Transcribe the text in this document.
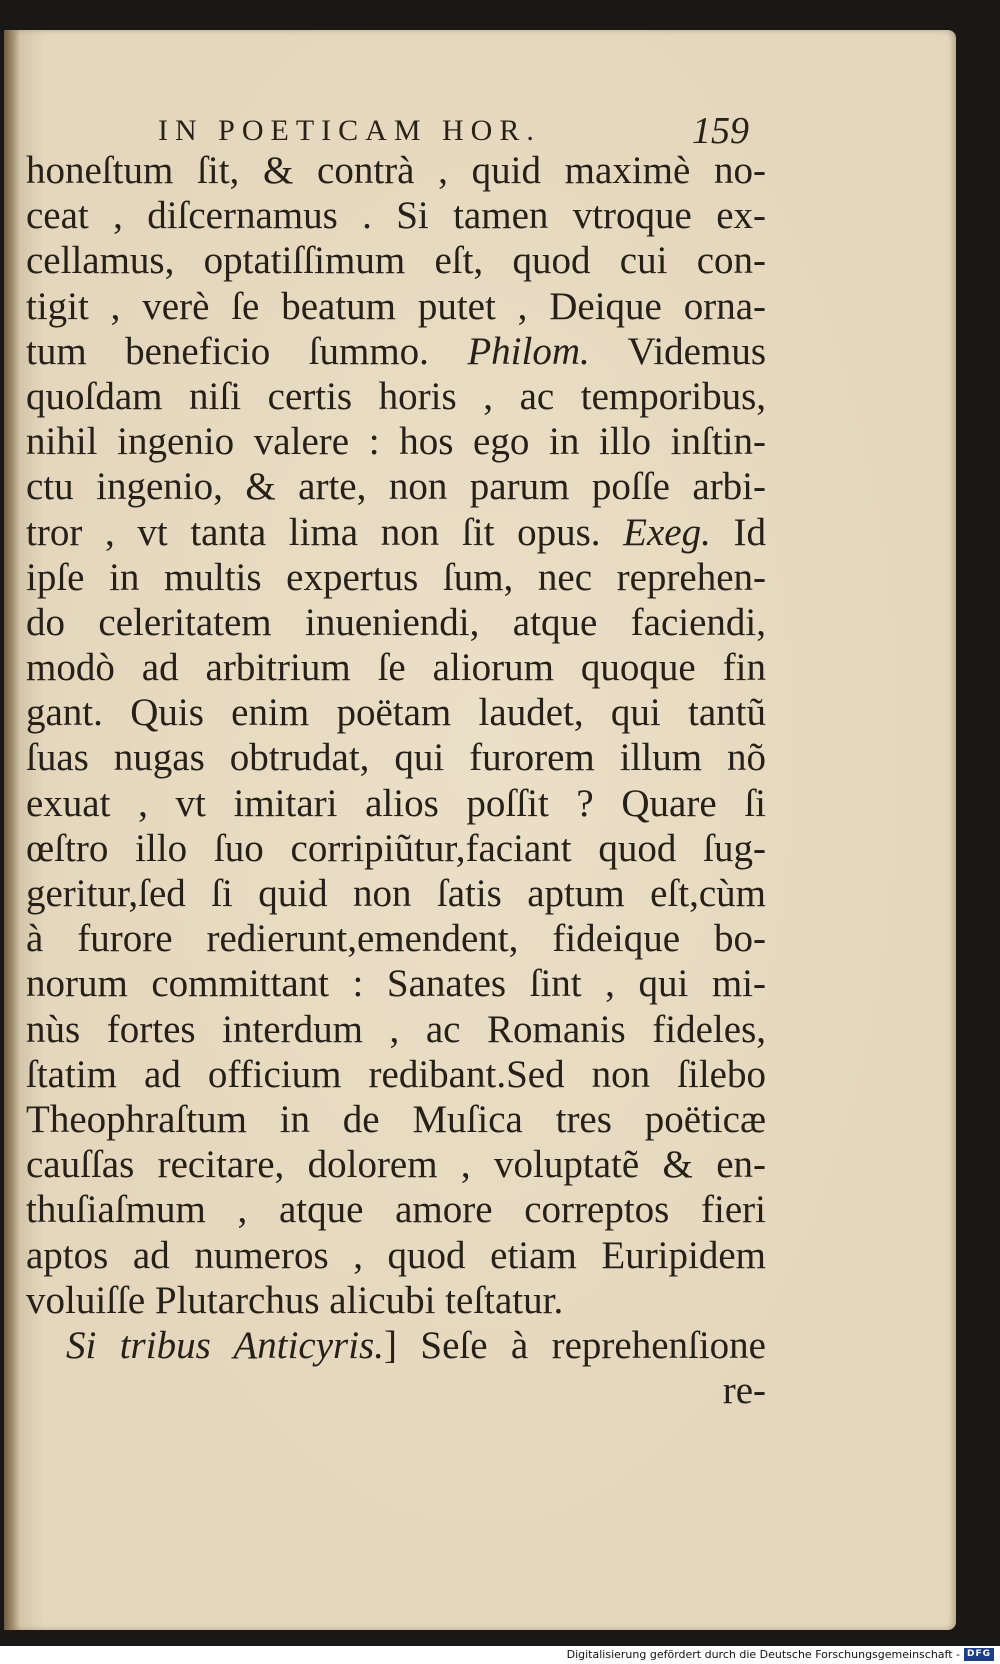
IN POETICAM HOR.	159
honeſtum ſit, & contrà , quid maximè no-
ceat , diſcernamus . Si tamen vtroque ex-
cellamus, optatiſſimum eſt, quod cui con-
tigit , verè ſe beatum putet , Deique orna-
tum beneficio ſummo. Philom. Videmus
quoſdam niſi certis horis , ac temporibus,
nihil ingenio valere : hos ego in illo inſtin-
ctu ingenio, & arte, non parum poſſe arbi-
tror , vt tanta lima non ſit opus. Exeg. Id
ipſe in multis expertus ſum, nec reprehen-
do celeritatem inueniendi, atque faciendi,
modò ad arbitrium ſe aliorum quoque fin
gant. Quis enim poëtam laudet, qui tantũ
ſuas nugas obtrudat, qui furorem illum nõ
exuat , vt imitari alios poſſit ? Quare ſi
œſtro illo ſuo corripiũtur,faciant quod ſug-
geritur,ſed ſi quid non ſatis aptum eſt,cùm
à furore redierunt,emendent, fideique bo-
norum committant : Sanates ſint , qui mi-
nùs fortes interdum , ac Romanis fideles,
ſtatim ad officium redibant.Sed non ſilebo
Theophraſtum in de Muſica tres poëticæ
cauſſas recitare, dolorem , voluptatẽ & en-
thuſiaſmum , atque amore correptos fieri
aptos ad numeros , quod etiam Euripidem
voluiſſe Plutarchus alicubi teſtatur.
Si tribus Anticyris.] Seſe à reprehenſione
re-
Digitalisierung gefördert durch die Deutsche Forschungsgemeinschaft - DFG
